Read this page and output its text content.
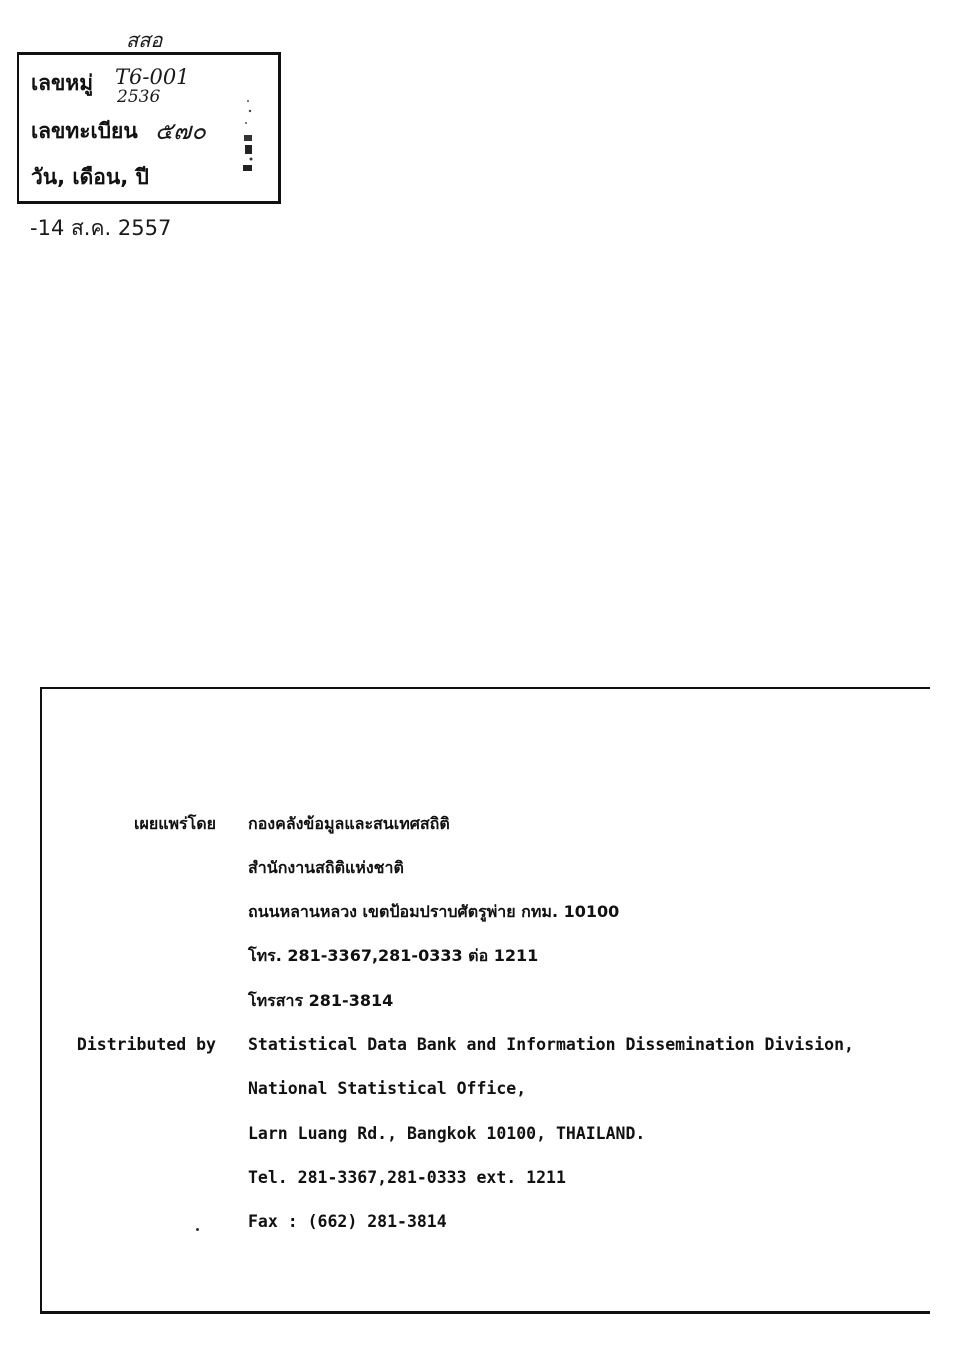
สสอ
เลขหมู่
เลขทะเบียน
วัน, เดือน, ปี
T6-001
2536
๕๗๐
-14 ส.ค. 2557
เผยแพร่โดย กองคลังข้อมูลและสนเทศสถิติ
สำนักงานสถิติแห่งชาติ
ถนนหลานหลวง เขตป้อมปราบศัตรูพ่าย กทม. 10100
โทร. 281-3367,281-0333 ต่อ 1211
โทรสาร 281-3814
Distributed by Statistical Data Bank and Information Dissemination Division,
National Statistical Office,
Larn Luang Rd., Bangkok 10100, THAILAND.
Tel. 281-3367,281-0333 ext. 1211
Fax : (662) 281-3814
